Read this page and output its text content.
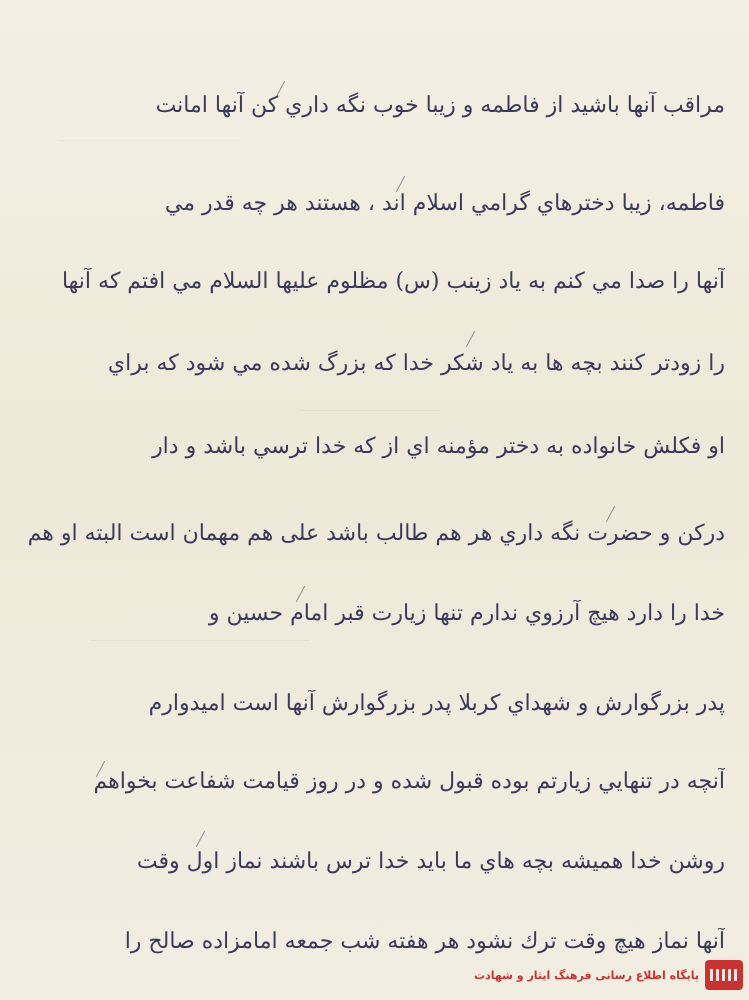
مراقب آنها باشيد از فاطمه و زيبا خوب نگه داري كن آنها امانت
فاطمه، زيبا دخترهاي گرامي اسلام اند ، هستند هر چه قدر مي
آنها را صدا مي كنم به ياد زينب (س) مظلوم عليها السلام مي افتم كه آنها
را زودتر كنند بچه ها به ياد شكر خدا كه بزرگ شده مي شود كه براي
او فكلش خانواده به دختر مؤمنه اي از كه خدا ترسي باشد و دار
دركن و حضرت نگه داري هر هم طالب باشد على هم مهمان است البته او هم
خدا را دارد هيچ آرزوي ندارم تنها زيارت قبر امام حسين و
پدر بزرگوارش و شهداي كربلا پدر بزرگوارش آنها است امیدوارم
آنچه در تنهايي زيارتم بوده قبول شده و در روز قيامت شفاعت بخواهم
روشن خدا هميشه بچه هاي ما بايد خدا ترس باشند نماز اول وقت
آنها نماز هيچ وقت ترك نشود هر هفته شب جمعه امامزاده صالح را
پایگاه اطلاع رسانی فرهنگ ایثار و شهادت
